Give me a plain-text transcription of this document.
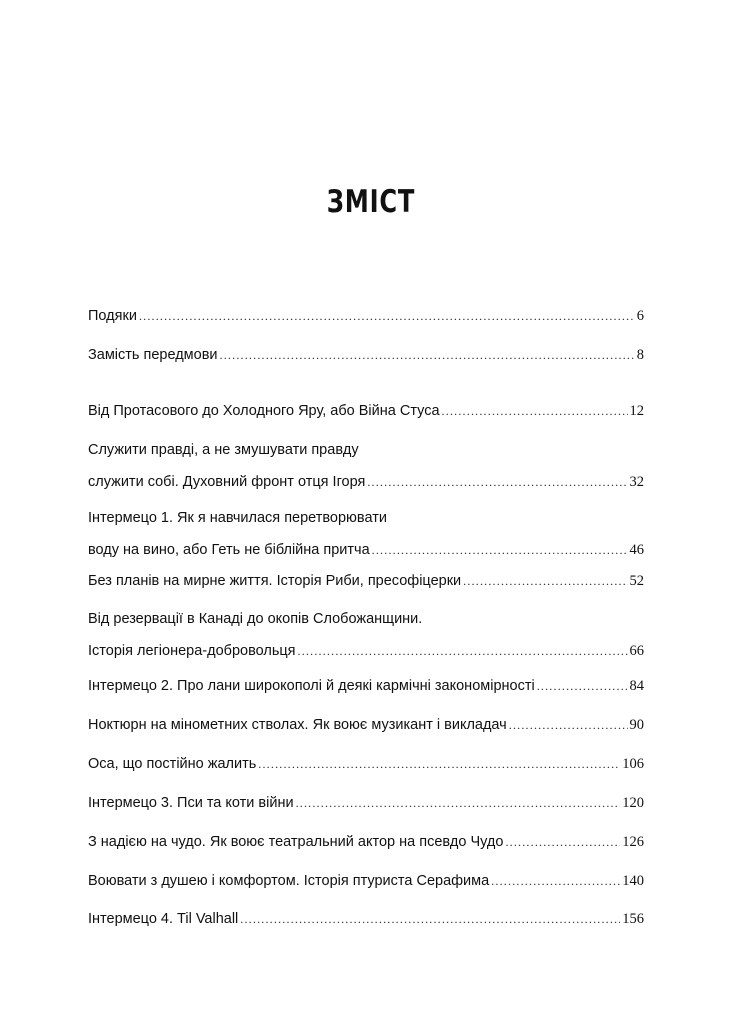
ЗМІСТ
Подяки .....	6
Замість передмови .....	8
Від Протасового до Холодного Яру, або Війна Стуса .....	12
Служити правді, а не змушувати правду
служити собі. Духовний фронт отця Ігоря .....	32
Інтермецо 1. Як я навчилася перетворювати
воду на вино, або Геть не біблійна притча .....	46
Без планів на мирне життя. Історія Риби, пресофіцерки .....	52
Від резервації в Канаді до окопів Слобожанщини.
Історія легіонера-добровольця .....	66
Інтермецо 2. Про лани широкополі й деякі кармічні закономірності .....	84
Ноктюрн на мінометних стволах. Як воює музикант і викладач .....	90
Оса, що постійно жалить .....	106
Інтермецо 3. Пси та коти війни .....	120
З надією на чудо. Як воює театральний актор на псевдо Чудо .....	126
Воювати з душею і комфортом. Історія птуриста Серафима .....	140
Інтермецо 4. Til Valhall .....	156
